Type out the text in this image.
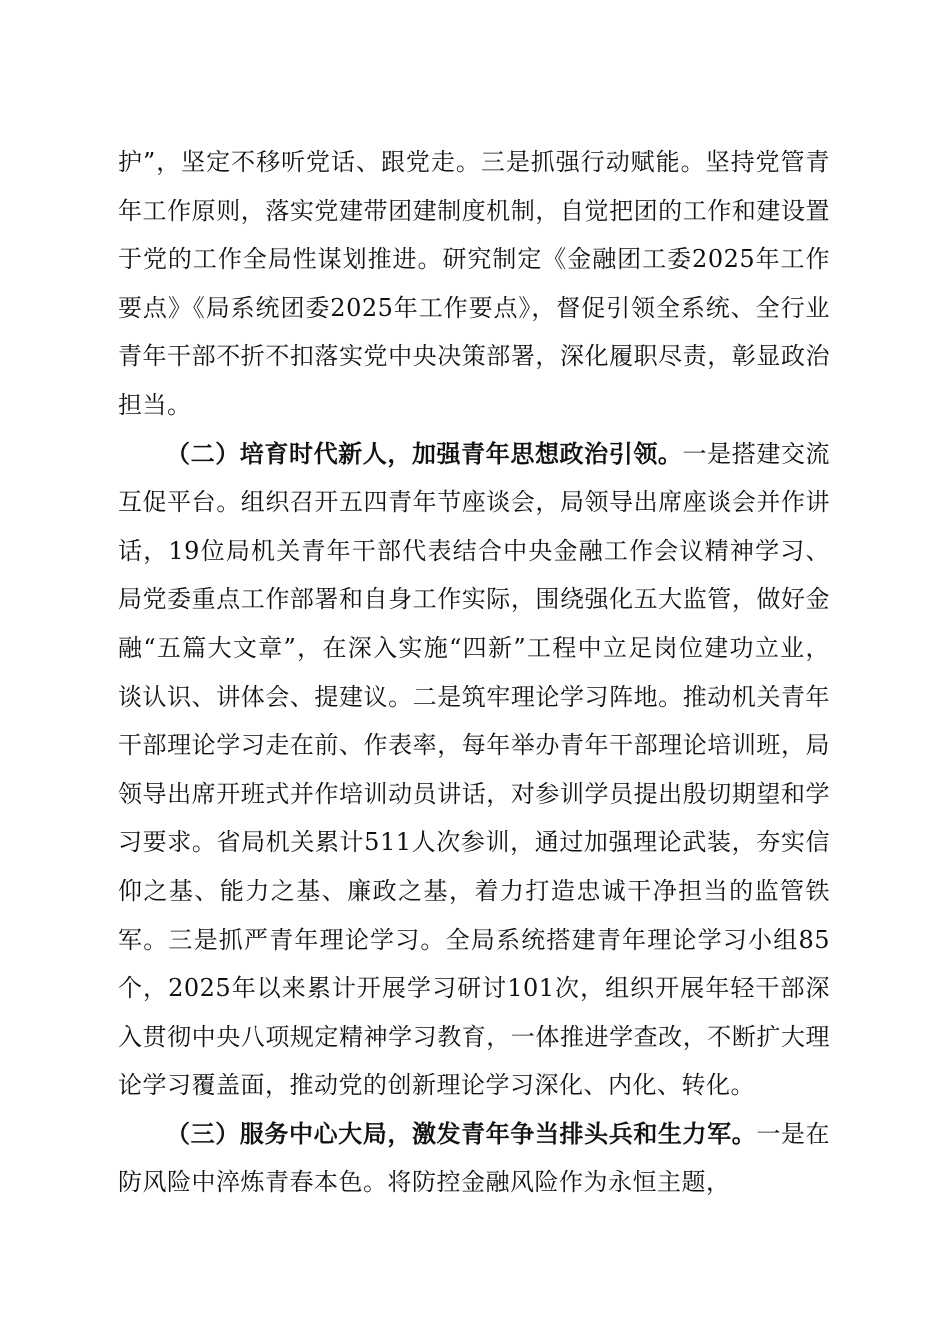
护”，坚定不移听党话、跟党走。三是抓强行动赋能。坚持党管青年工作原则，落实党建带团建制度机制，自觉把团的工作和建设置于党的工作全局性谋划推进。研究制定《金融团工委2025年工作要点》《局系统团委2025年工作要点》，督促引领全系统、全行业青年干部不折不扣落实党中央决策部署，深化履职尽责，彰显政治担当。

（二）培育时代新人，加强青年思想政治引领。一是搭建交流互促平台。组织召开五四青年节座谈会，局领导出席座谈会并作讲话，19位局机关青年干部代表结合中央金融工作会议精神学习、局党委重点工作部署和自身工作实际，围绕强化五大监管，做好金融“五篇大文章”，在深入实施“四新”工程中立足岗位建功立业，谈认识、讲体会、提建议。二是筑牢理论学习阵地。推动机关青年干部理论学习走在前、作表率，每年举办青年干部理论培训班，局领导出席开班式并作培训动员讲话，对参训学员提出殷切期望和学习要求。省局机关累计511人次参训，通过加强理论武装，夯实信仰之基、能力之基、廉政之基，着力打造忠诚干净担当的监管铁军。三是抓严青年理论学习。全局系统搭建青年理论学习小组85个，2025年以来累计开展学习研讨101次，组织开展年轻干部深入贯彻中央八项规定精神学习教育，一体推进学查改，不断扩大理论学习覆盖面，推动党的创新理论学习深化、内化、转化。

（三）服务中心大局，激发青年争当排头兵和生力军。一是在防风险中淬炼青春本色。将防控金融风险作为永恒主题，
